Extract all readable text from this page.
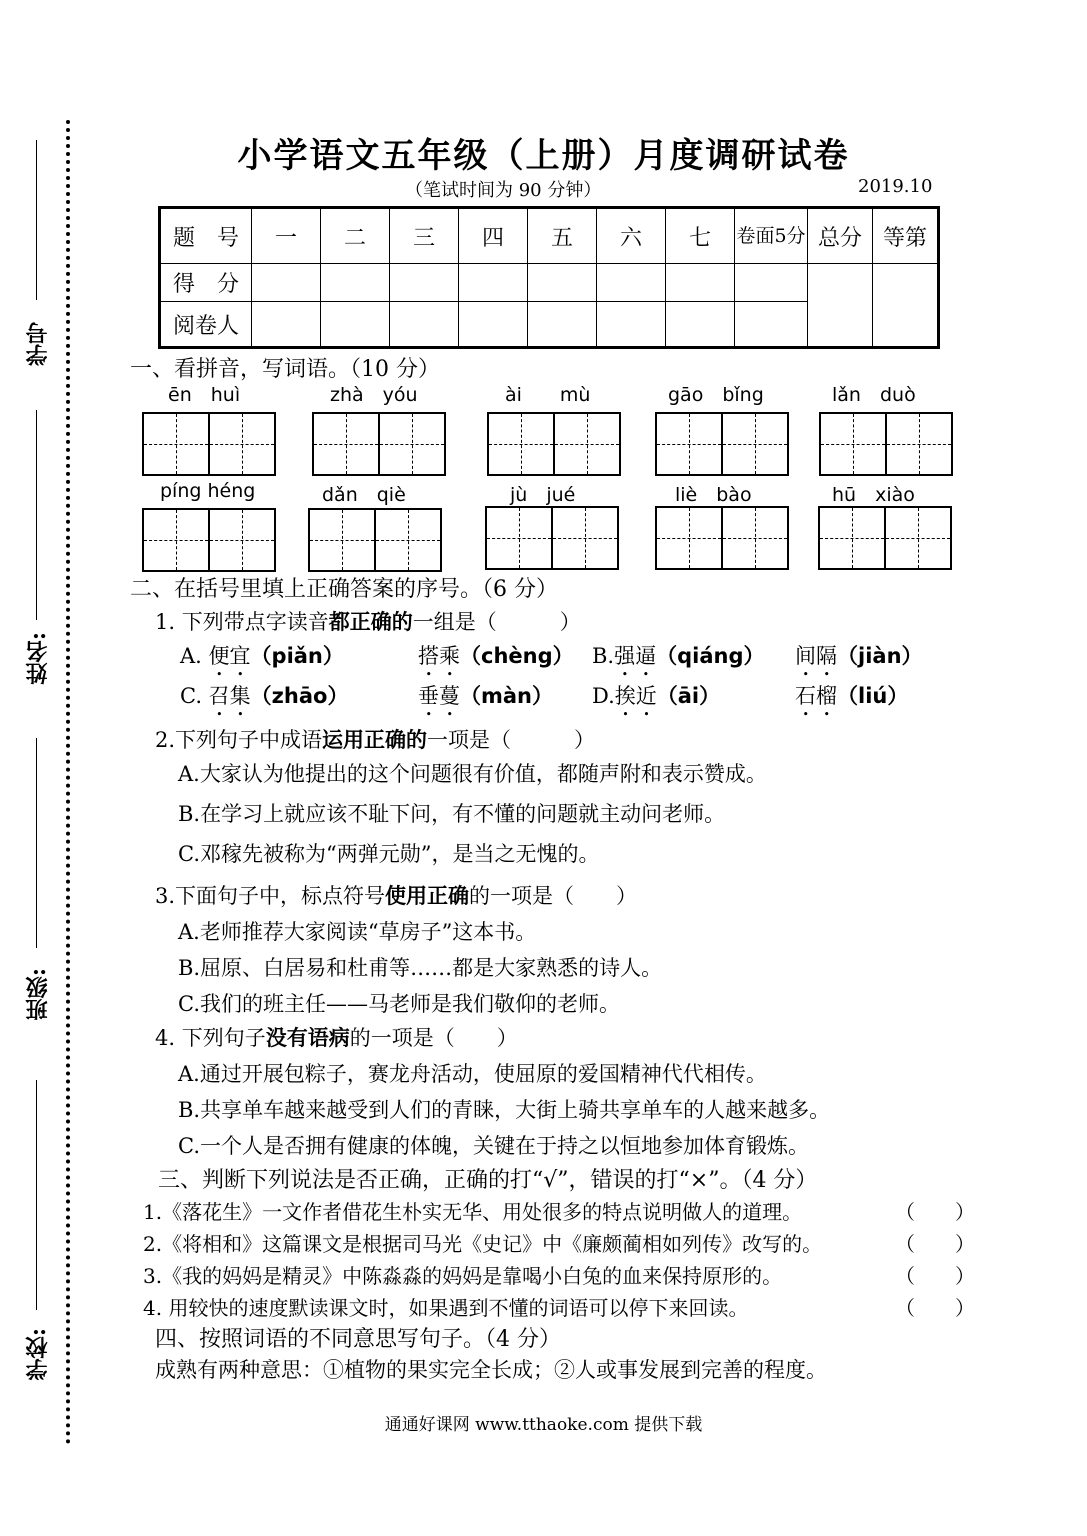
学号
姓名:
班级:
学校:
小学语文五年级（上册）月度调研试卷
（笔试时间为 90 分钟）	2019.10
题　号	一	二	三	四	五	六	七	卷面5分	总分	等第
得　分										
阅卷人										
一、看拼音，写词语。（10 分）
ēn　huì	zhà　yóu	ài　　mù	gāo　bǐng	lǎn　duò
píng héng	dǎn　qiè	jù　jué	liè　bào	hū　xiào
二、在括号里填上正确答案的序号。（6 分）
1. 下列带点字读音都正确的一组是（　　　）
A. 便宜（piǎn）	搭乘（chèng） B.强逼（qiáng） 间隔（jiàn）
C. 召集（zhāo）	垂蔓（màn） D.挨近（āi）	石榴（liú）
2.下列句子中成语运用正确的一项是（　　　）
A.大家认为他提出的这个问题很有价值，都随声附和表示赞成。
B.在学习上就应该不耻下问，有不懂的问题就主动问老师。
C.邓稼先被称为“两弹元勋”，是当之无愧的。
3.下面句子中，标点符号使用正确的一项是（　　）
A.老师推荐大家阅读“草房子”这本书。
B.屈原、白居易和杜甫等……都是大家熟悉的诗人。
C.我们的班主任——马老师是我们敬仰的老师。
4. 下列句子没有语病的一项是（　　）
A.通过开展包粽子，赛龙舟活动，使屈原的爱国精神代代相传。
B.共享单车越来越受到人们的青睐，大街上骑共享单车的人越来越多。
C.一个人是否拥有健康的体魄，关键在于持之以恒地参加体育锻炼。
三、判断下列说法是否正确，正确的打“√”，错误的打“×”。（4 分）
1.《落花生》一文作者借花生朴实无华、用处很多的特点说明做人的道理。	（　　）
2.《将相和》这篇课文是根据司马光《史记》中《廉颇蔺相如列传》改写的。	（　　）
3.《我的妈妈是精灵》中陈淼淼的妈妈是靠喝小白兔的血来保持原形的。	（　　）
4. 用较快的速度默读课文时，如果遇到不懂的词语可以停下来回读。	（　　）
四、按照词语的不同意思写句子。（4 分）
成熟有两种意思：①植物的果实完全长成；②人或事发展到完善的程度。
通通好课网 www.tthaoke.com 提供下载
